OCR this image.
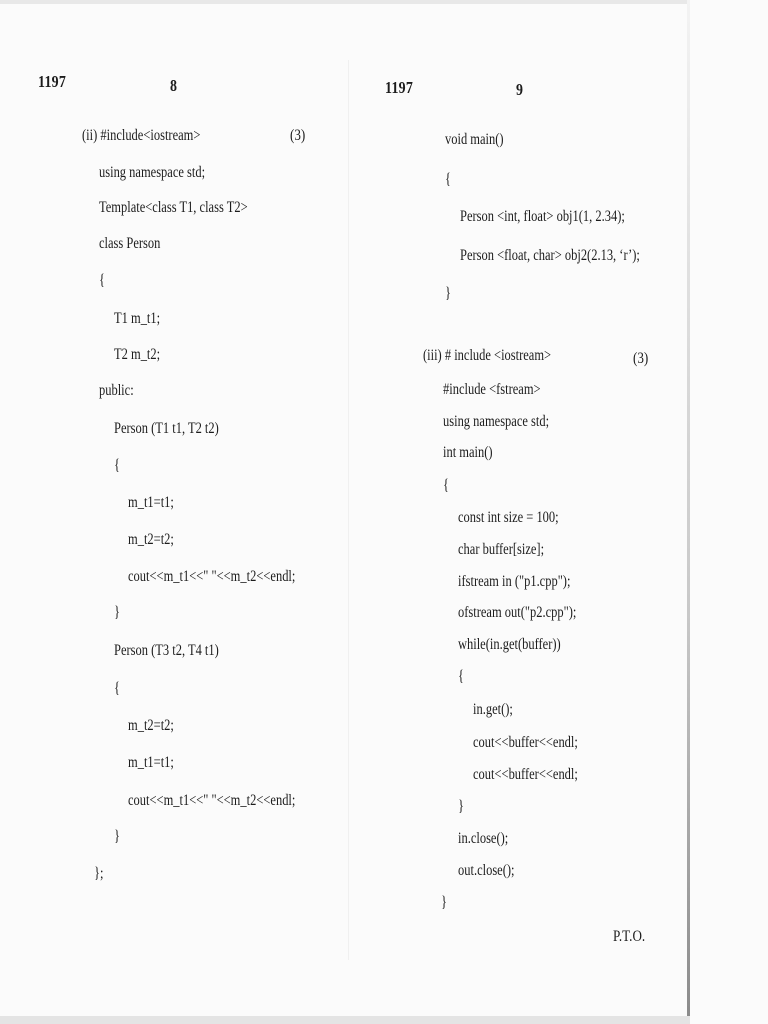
1197	8
(ii) #include<iostream>	(3)
using namespace std;
Template<class T1, class T2>
class Person
{
T1 m_t1;
T2 m_t2;
public:
Person (T1 t1, T2 t2)
{
m_t1=t1;
m_t2=t2;
cout<<m_t1<<" "<<m_t2<<endl;
}
Person (T3 t2, T4 t1)
{
m_t2=t2;
m_t1=t1;
cout<<m_t1<<" "<<m_t2<<endl;
}
};
1197	9
void main()
{
Person <int, float> obj1(1, 2.34);
Person <float, char> obj2(2.13, ‘r’);
}
(iii) # include <iostream>	(3)
#include <fstream>
using namespace std;
int main()
{
const int size = 100;
char buffer[size];
ifstream in ("p1.cpp");
ofstream out("p2.cpp");
while(in.get(buffer))
{
in.get();
cout<<buffer<<endl;
cout<<buffer<<endl;
}
in.close();
out.close();
}
P.T.O.
